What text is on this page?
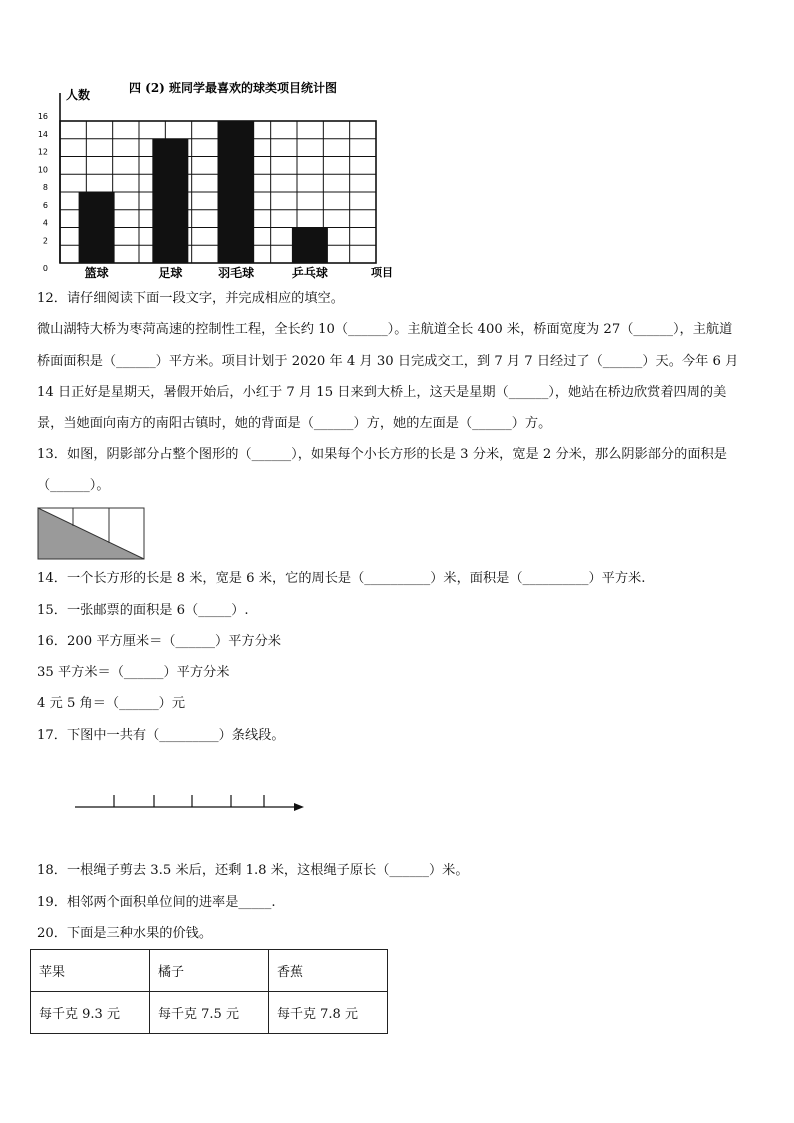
0
2
4
6
8
10
12
14
16
篮球	足球	羽毛球	乒乓球
四 (2) 班同学最喜欢的球类项目统计图
人数
项目
12．请仔细阅读下面一段文字，并完成相应的填空。
微山湖特大桥为枣菏高速的控制性工程，全长约 10（______）。主航道全长 400 米，桥面宽度为 27（______），主航道
桥面面积是（______）平方米。项目计划于 2020 年 4 月 30 日完成交工，到 7 月 7 日经过了（______）天。今年 6 月
14 日正好是星期天，暑假开始后，小红于 7 月 15 日来到大桥上，这天是星期（______），她站在桥边欣赏着四周的美
景，当她面向南方的南阳古镇时，她的背面是（______）方，她的左面是（______）方。
13．如图，阴影部分占整个图形的（______），如果每个小长方形的长是 3 分米，宽是 2 分米，那么阴影部分的面积是
（______）。
14．一个长方形的长是 8 米，宽是 6 米，它的周长是（__________）米，面积是（__________）平方米.
15．一张邮票的面积是 6（_____）.
16．200 平方厘米＝（______）平方分米
35 平方米＝（______）平方分米
4 元 5 角＝（______）元
17．下图中一共有（_________）条线段。
18．一根绳子剪去 3.5 米后，还剩 1.8 米，这根绳子原长（______）米。
19．相邻两个面积单位间的进率是_____.
20．下面是三种水果的价钱。
苹果	橘子	香蕉
每千克 9.3 元	每千克 7.5 元	每千克 7.8 元
